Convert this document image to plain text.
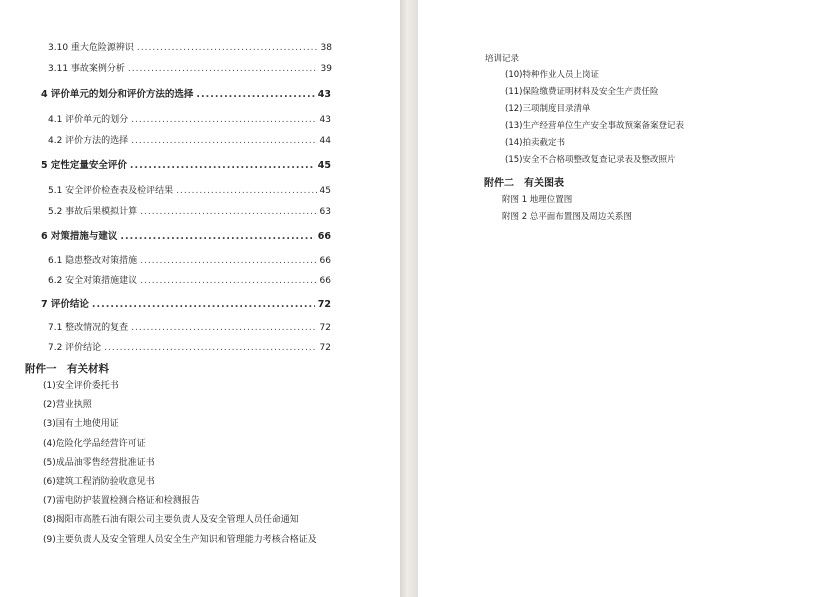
3.10 重大危险源辨识 .....	38
3.11 事故案例分析 .....	39
4 评价单元的划分和评价方法的选择 .....	43
4.1 评价单元的划分 .....	43
4.2 评价方法的选择 .....	44
5 定性定量安全评价 .....	45
5.1 安全评价检查表及检评结果 .....	45
5.2 事故后果模拟计算 .....	63
6 对策措施与建议 .....	66
6.1 隐患整改对策措施 .....	66
6.2 安全对策措施建议 .....	66
7 评价结论 .....	72
7.1 整改情况的复查 .....	72
7.2 评价结论 .....	72
附件一　有关材料
(1)安全评价委托书
(2)营业执照
(3)国有土地使用证
(4)危险化学品经营许可证
(5)成品油零售经营批准证书
(6)建筑工程消防验收意见书
(7)雷电防护装置检测合格证和检测报告
(8)揭阳市高胜石油有限公司主要负责人及安全管理人员任命通知
(9)主要负责人及安全管理人员安全生产知识和管理能力考核合格证及
培训记录
(10)特种作业人员上岗证
(11)保险缴费证明材料及安全生产责任险
(12)三项制度目录清单
(13)生产经营单位生产安全事故预案备案登记表
(14)拍卖截定书
(15)安全不合格项整改复查记录表及整改照片
附件二　有关图表
附图 1 地理位置图
附图 2 总平面布置图及周边关系图
